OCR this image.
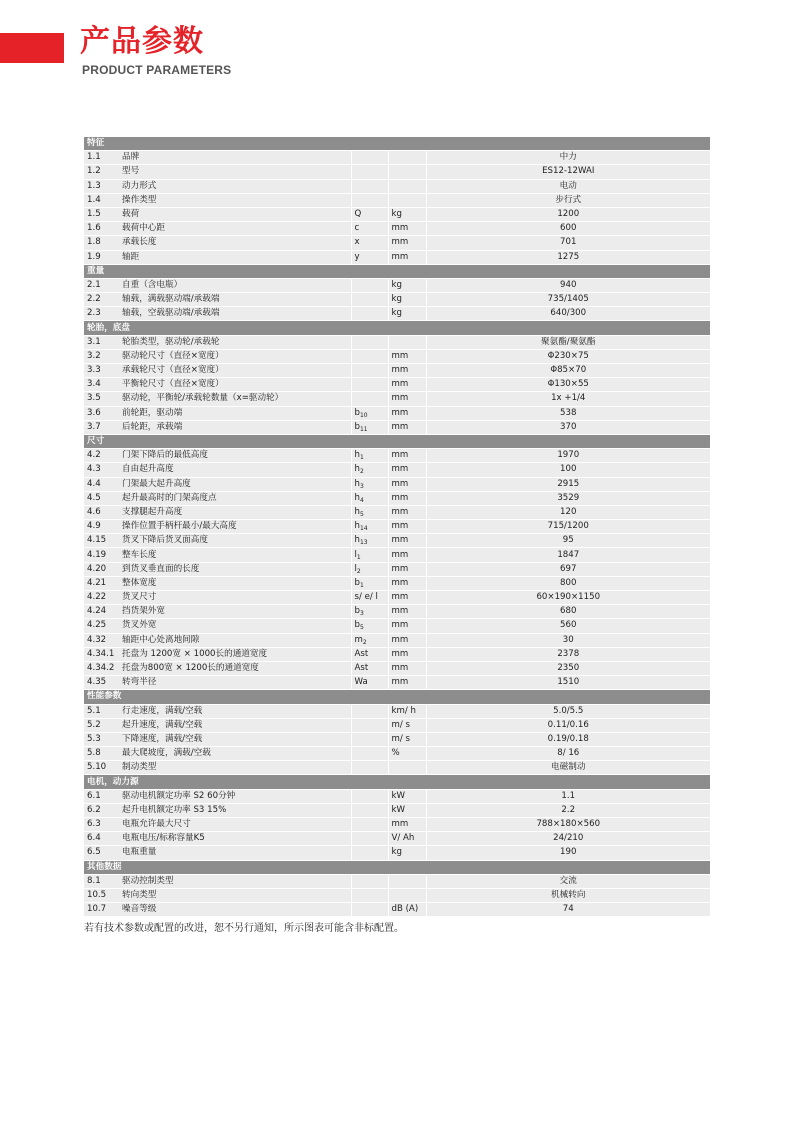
产品参数
PRODUCT PARAMETERS
特征				
1.1	品牌			中力
1.2	型号			ES12-12WAI
1.3	动力形式			电动
1.4	操作类型			步行式
1.5	载荷	Q	kg	1200
1.6	载荷中心距	c	mm	600
1.8	承载长度	x	mm	701
1.9	轴距	y	mm	1275
重量				
2.1	自重（含电瓶）		kg	940
2.2	轴载，满载驱动端/承载端		kg	735/1405
2.3	轴载，空载驱动端/承载端		kg	640/300
轮胎，底盘				
3.1	轮胎类型，驱动轮/承载轮			聚氨酯/聚氨酯
3.2	驱动轮尺寸（直径×宽度）		mm	Φ230×75
3.3	承载轮尺寸（直径×宽度）		mm	Φ85×70
3.4	平衡轮尺寸（直径×宽度）		mm	Φ130×55
3.5	驱动轮，平衡轮/承载轮数量（x=驱动轮）		mm	1x +1/4
3.6	前轮距，驱动端	$b_{10}$	mm	538
3.7	后轮距，承载端	$b_{11}$	mm	370
尺寸				
4.2	门架下降后的最低高度	$h_1$	mm	1970
4.3	自由起升高度	$h_2$	mm	100
4.4	门架最大起升高度	$h_3$	mm	2915
4.5	起升最高时的门架高度点	$h_4$	mm	3529
4.6	支撑腿起升高度	$h_5$	mm	120
4.9	操作位置手柄杆最小/最大高度	$h_{14}$	mm	715/1200
4.15	货叉下降后货叉面高度	$h_{13}$	mm	95
4.19	整车长度	$l_1$	mm	1847
4.20	到货叉垂直面的长度	$l_2$	mm	697
4.21	整体宽度	$b_1$	mm	800
4.22	货叉尺寸	s/ e/ l	mm	60×190×1150
4.24	挡货架外宽	$b_3$	mm	680
4.25	货叉外宽	$b_5$	mm	560
4.32	轴距中心处离地间隙	$m_2$	mm	30
4.34.1	托盘为 1200宽 × 1000长的通道宽度	Ast	mm	2378
4.34.2	托盘为800宽 × 1200长的通道宽度	Ast	mm	2350
4.35	转弯半径	Wa	mm	1510
性能参数				
5.1	行走速度，满载/空载		km/ h	5.0/5.5
5.2	起升速度，满载/空载		m/ s	0.11/0.16
5.3	下降速度，满载/空载		m/ s	0.19/0.18
5.8	最大爬坡度，满载/空载		%	8/ 16
5.10	制动类型			电磁制动
电机，动力源				
6.1	驱动电机额定功率 S2 60分钟		kW	1.1
6.2	起升电机额定功率 S3 15%		kW	2.2
6.3	电瓶允许最大尺寸		mm	788×180×560
6.4	电瓶电压/标称容量K5		V/ Ah	24/210
6.5	电瓶重量		kg	190
其他数据				
8.1	驱动控制类型			交流
10.5	转向类型			机械转向
10.7	噪音等级		dB (A)	74
若有技术参数或配置的改进，恕不另行通知，所示图表可能含非标配置。
